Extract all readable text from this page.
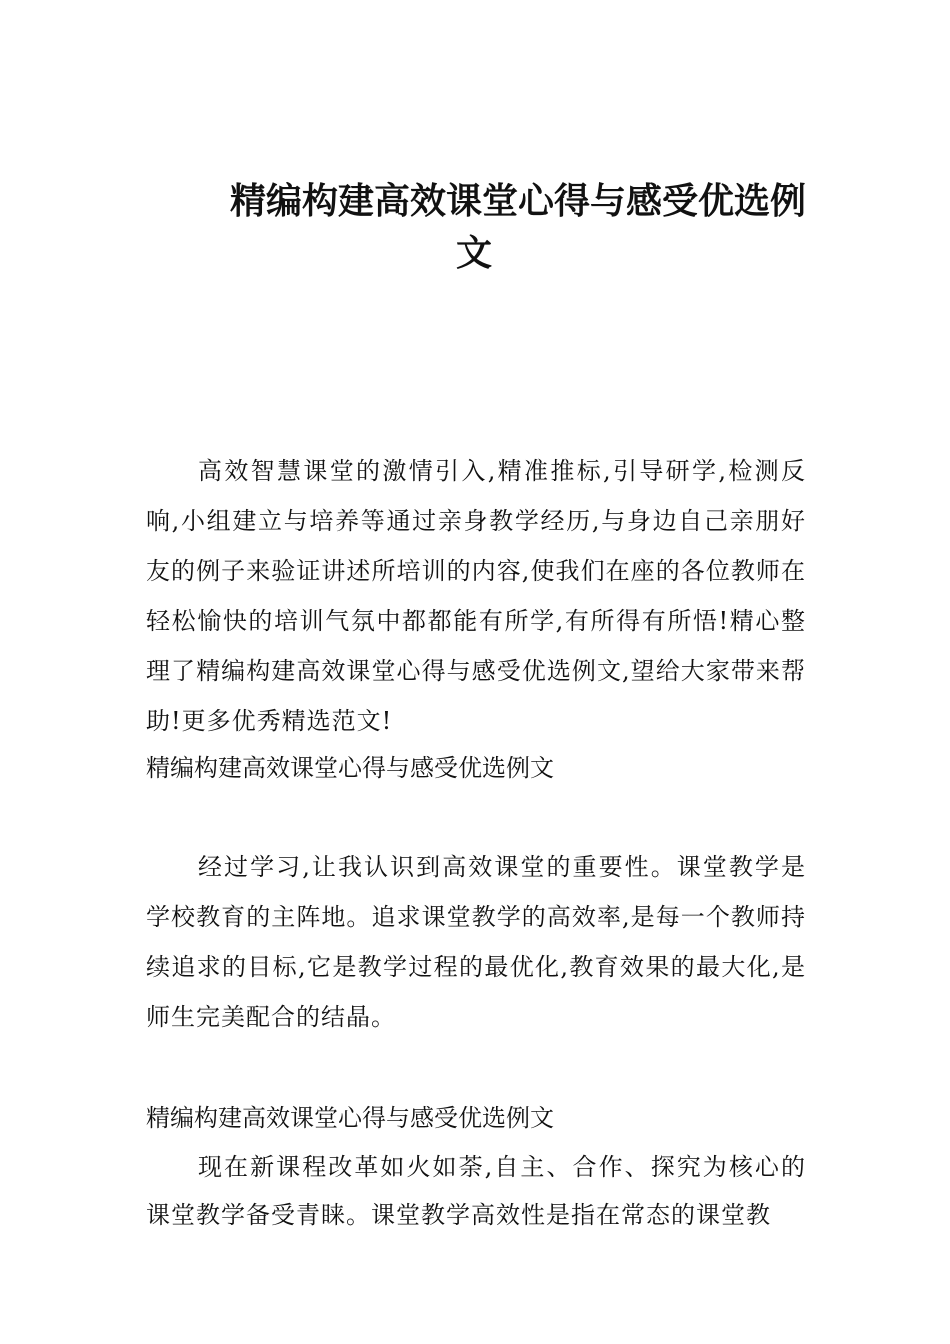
精编构建高效课堂心得与感受优选例
文

高效智慧课堂的激情引入,精准推标,引导研学,检测反响,小组建立与培养等通过亲身教学经历,与身边自己亲朋好友的例子来验证讲述所培训的内容,使我们在座的各位教师在轻松愉快的培训气氛中都都能有所学,有所得有所悟!精心整理了精编构建高效课堂心得与感受优选例文,望给大家带来帮助!更多优秀精选范文!

精编构建高效课堂心得与感受优选例文

经过学习,让我认识到高效课堂的重要性。课堂教学是学校教育的主阵地。追求课堂教学的高效率,是每一个教师持续追求的目标,它是教学过程的最优化,教育效果的最大化,是师生完美配合的结晶。

精编构建高效课堂心得与感受优选例文

现在新课程改革如火如荼,自主、合作、探究为核心的课堂教学备受青睐。课堂教学高效性是指在常态的课堂教
